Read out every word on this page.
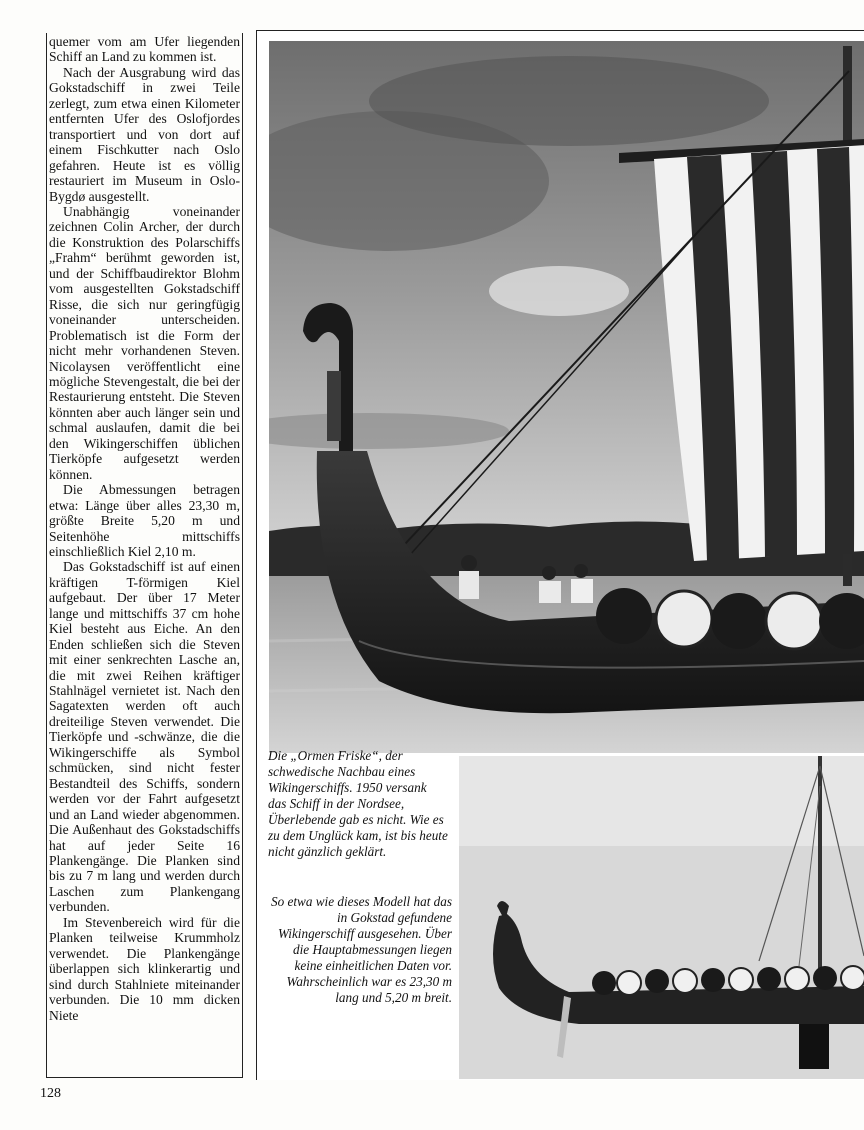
quemer vom am Ufer liegenden Schiff an Land zu kommen ist.

Nach der Ausgrabung wird das Gokstadschiff in zwei Teile zerlegt, zum etwa einen Kilometer entfernten Ufer des Oslofjordes transportiert und von dort auf einem Fischkutter nach Oslo gefahren. Heute ist es völlig restauriert im Museum in Oslo-Bygdø ausgestellt.

Unabhängig voneinander zeichnen Colin Archer, der durch die Konstruktion des Polarschiffs „Frahm“ berühmt geworden ist, und der Schiffbaudirektor Blohm vom ausgestellten Gokstadschiff Risse, die sich nur geringfügig voneinander unterscheiden. Problematisch ist die Form der nicht mehr vorhandenen Steven. Nicolaysen veröffentlicht eine mögliche Stevengestalt, die bei der Restaurierung entsteht. Die Steven könnten aber auch länger sein und schmal auslaufen, damit die bei den Wikingerschiffen üblichen Tierköpfe aufgesetzt werden können.

Die Abmessungen betragen etwa: Länge über alles 23,30 m, größte Breite 5,20 m und Seitenhöhe mittschiffs einschließlich Kiel 2,10 m.

Das Gokstadschiff ist auf einen kräftigen T-förmigen Kiel aufgebaut. Der über 17 Meter lange und mittschiffs 37 cm hohe Kiel besteht aus Eiche. An den Enden schließen sich die Steven mit einer senkrechten Lasche an, die mit zwei Reihen kräftiger Stahlnägel vernietet ist. Nach den Sagatexten werden oft auch dreiteilige Steven verwendet. Die Tierköpfe und -schwänze, die die Wikingerschiffe als Symbol schmücken, sind nicht fester Bestandteil des Schiffs, sondern werden vor der Fahrt aufgesetzt und an Land wieder abgenommen. Die Außenhaut des Gokstadschiffs hat auf jeder Seite 16 Plankengänge. Die Planken sind bis zu 7 m lang und werden durch Laschen zum Plankengang verbunden.

Im Stevenbereich wird für die Planken teilweise Krummholz verwendet. Die Plankengänge überlappen sich klinkerartig und sind durch Stahlniete miteinander verbunden. Die 10 mm dicken Niete

Die „Ormen Friske“, der schwedische Nachbau eines Wikingerschiffs. 1950 versank das Schiff in der Nordsee, Überlebende gab es nicht. Wie es zu dem Unglück kam, ist bis heute nicht gänzlich geklärt.
So etwa wie dieses Modell hat das in Gokstad gefundene Wikingerschiff ausgesehen. Über die Hauptabmessungen liegen keine einheitlichen Daten vor. Wahrscheinlich war es 23,30 m lang und 5,20 m breit.
128
